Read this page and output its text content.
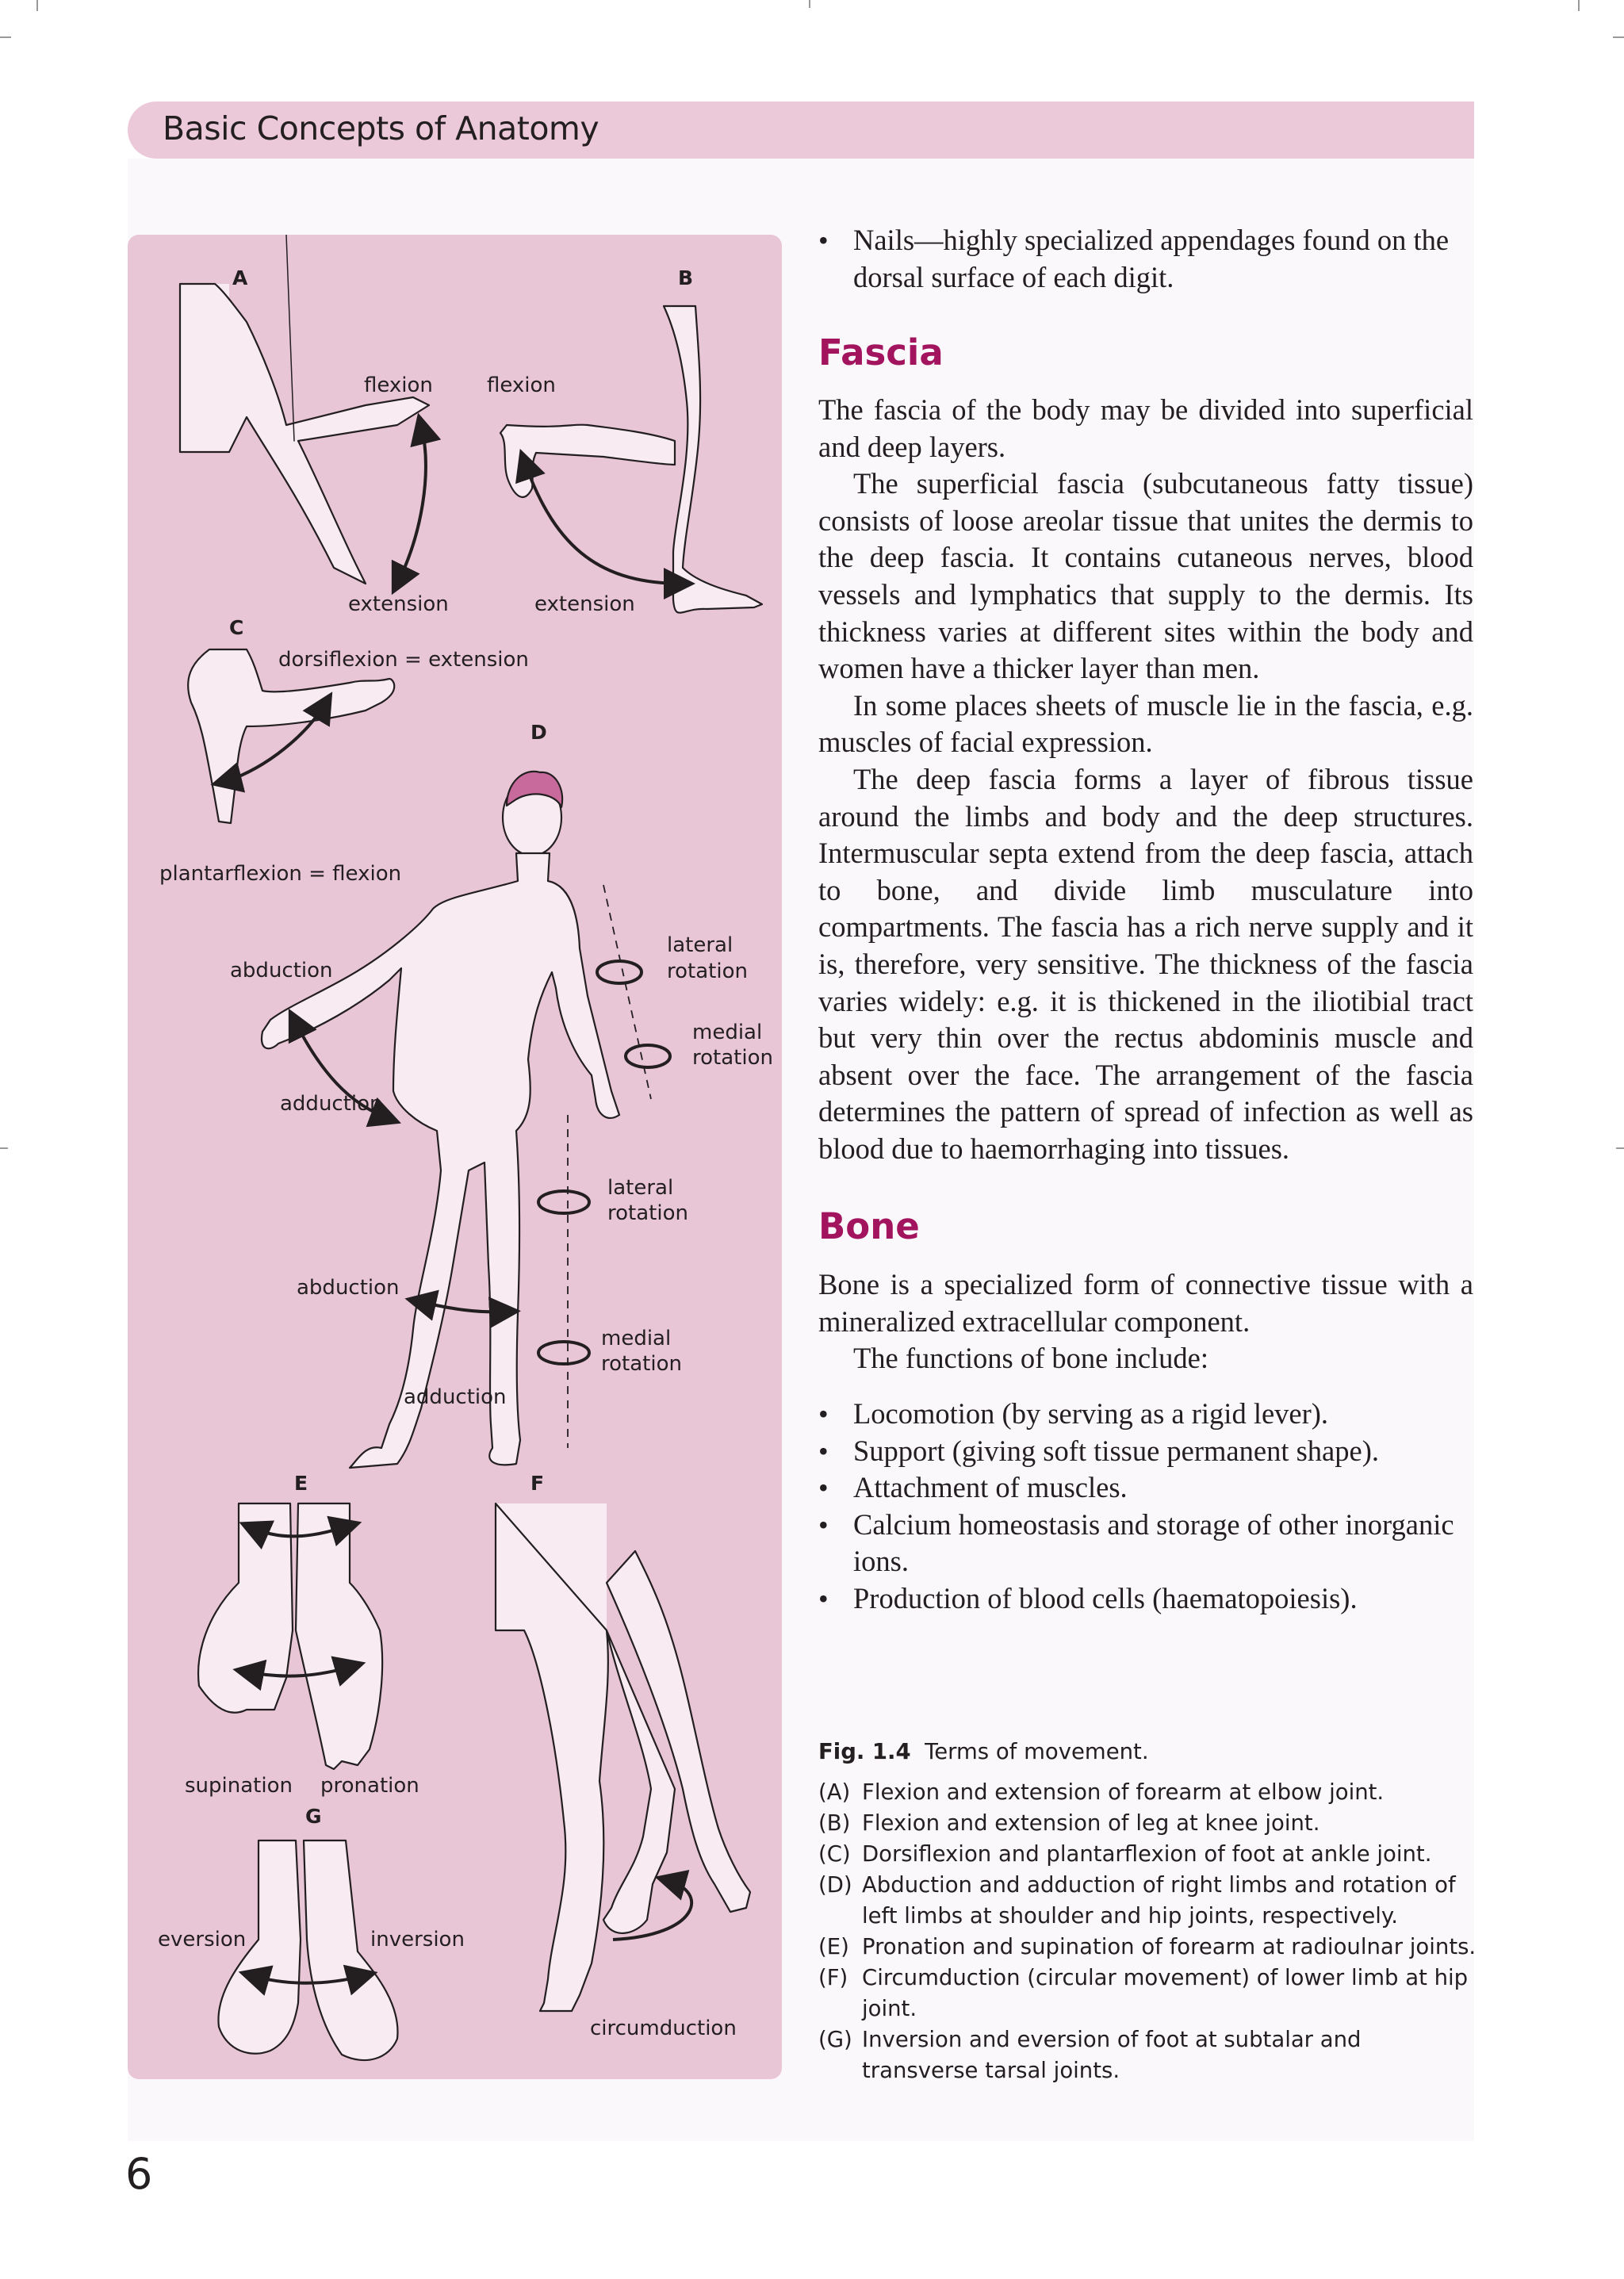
Basic Concepts of Anatomy
A	B
C
D
E	F
G
flexion
extension
flexion
extension
dorsiflexion = extension
plantarflexion = flexion
abduction
adduction
lateral
rotation
medial
rotation
lateral
rotation
abduction
adduction
medial
rotation
supination pronation
eversion	inversion
circumduction
• Nails—highly specialized appendages found on the dorsal surface of each digit.
Fascia

The fascia of the body may be divided into superficial and deep layers.

The superficial fascia (subcutaneous fatty tissue) consists of loose areolar tissue that unites the dermis to the deep fascia. It contains cutaneous nerves, blood vessels and lymphatics that supply to the dermis. Its thickness varies at different sites within the body and women have a thicker layer than men.

In some places sheets of muscle lie in the fascia, e.g. muscles of facial expression.

The deep fascia forms a layer of fibrous tissue around the limbs and body and the deep structures. Intermuscular septa extend from the deep fascia, attach to bone, and divide limb musculature into compartments. The fascia has a rich nerve supply and it is, therefore, very sensitive. The thickness of the fascia varies widely: e.g. it is thickened in the iliotibial tract but very thin over the rectus abdominis muscle and absent over the face. The arrangement of the fascia determines the pattern of spread of infection as well as blood due to haemorrhaging into tissues.

Bone

Bone is a specialized form of connective tissue with a mineralized extracellular component.

The functions of bone include:

• Locomotion (by serving as a rigid lever).
• Support (giving soft tissue permanent shape).
• Attachment of muscles.
• Calcium homeostasis and storage of other inorganic ions.
• Production of blood cells (haematopoiesis).
Fig. 1.4 Terms of movement.
(A) Flexion and extension of forearm at elbow joint.
(B) Flexion and extension of leg at knee joint.
(C) Dorsiflexion and plantarflexion of foot at ankle joint.
(D) Abduction and adduction of right limbs and rotation of left limbs at shoulder and hip joints, respectively.
(E) Pronation and supination of forearm at radioulnar joints.
(F) Circumduction (circular movement) of lower limb at hip joint.
(G) Inversion and eversion of foot at subtalar and transverse tarsal joints.
6
